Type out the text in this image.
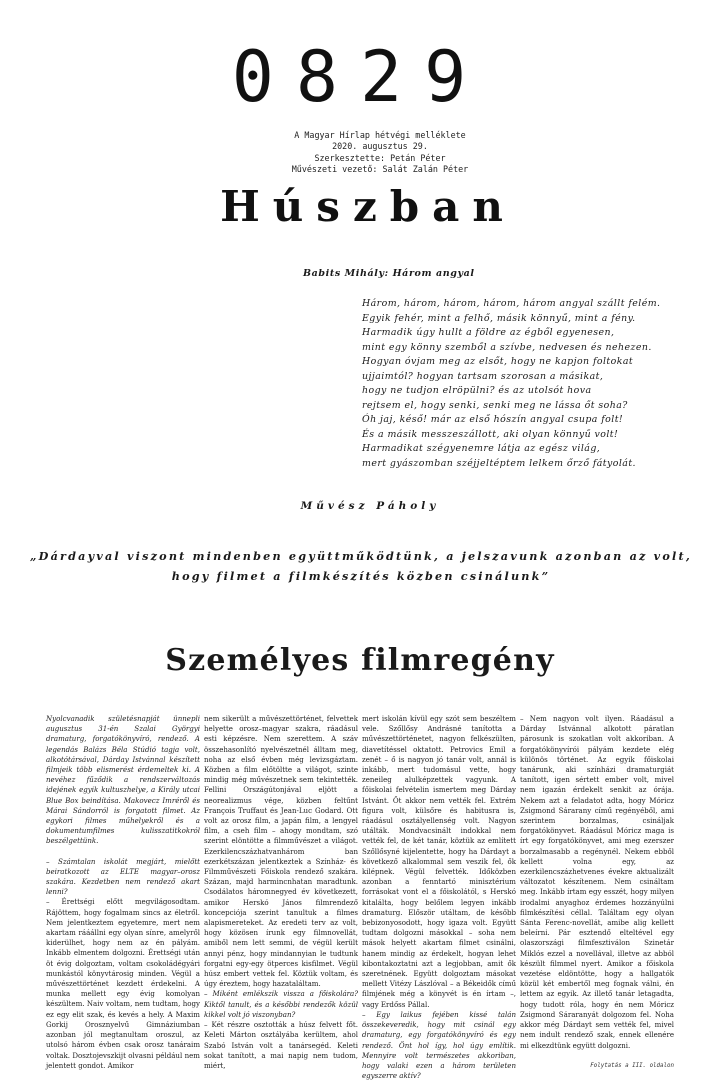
0829
A Magyar Hírlap hétvégi melléklete
2020. augusztus 29.
Szerkesztette: Petán Péter
Művészeti vezető: Salát Zalán Péter
Húszban
Babits Mihály: Három angyal
Három, három, három, három, három angyal szállt felém.
Egyik fehér, mint a felhő, másik könnyű, mint a fény.
Harmadik úgy hullt a földre az égből egyenesen,
mint egy könny szemből a szívbe, nedvesen és nehezen.
Hogyan óvjam meg az elsőt, hogy ne kapjon foltokat
ujjaimtól? hogyan tartsam szorosan a másikat,
hogy ne tudjon elröpülni? és az utolsót hova
rejtsem el, hogy senki, senki meg ne lássa őt soha?
Óh jaj, késő! már az első hószín angyal csupa folt!
És a másik messzeszállott, aki olyan könnyű volt!
Harmadikat szégyenemre látja az egész világ,
mert gyászomban széjjeltéptem lelkem őrző fátyolát.
Művész Páholy
„Dárdayval viszont mindenben együttműködtünk, a jelszavunk azonban az volt, hogy filmet a filmkészítés közben csinálunk”
Személyes filmregény

Nyolcvanadik születésnapját ünnepli augusztus 31-én Szalai Györgyi dramaturg, forgatókönyvíró, rendező. A legendás Balázs Béla Stúdió tagja volt, alkotótársával, Dárday Istvánnal készített filmjeik több elismerést érdemeltek ki. A nevéhez fűződik a rendszerváltozás idejének egyik kultuszhelye, a Király utcai Blue Box beindítása. Makovecz Imréről és Márai Sándorról is forgatott filmet. Az egykori filmes műhelyekről és a dokumentumfilmes kulisszatitkokról beszélgettünk.

– Számtalan iskolát megjárt, mielőtt beiratkozott az ELTE magyar–orosz szakára. Kezdetben nem rendező akart lenni?

– Érettségi előtt megvilágosodtam. Rájöttem, hogy fogalmam sincs az életről. Nem jelentkeztem egyetemre, mert nem akartam rááállni egy olyan sínre, amelyről kiderülhet, hogy nem az én pályám. Inkább elmentem dolgozni. Érettségi után öt évig dolgoztam, voltam csokoládégyári munkástól könyvtárosig minden. Végül a művészettörténet kezdett érdekelni. A munka mellett egy évig komolyan készültem. Naiv voltam, nem tudtam, hogy ez egy elit szak, és kevés a hely. A Maxim Gorkij Orosznyelvű Gimnáziumban azonban jól megtanultam oroszul, az utolsó három évben csak orosz tanáraim voltak. Dosztojevszkijt olvasni például nem jelentett gondot. Amikor

nem sikerült a művészettörténet, felvettek helyette orosz–magyar szakra, ráadásul esti képzésre. Nem szerettem. A száv összehasonlító nyelvészetnél álltam meg, noha az első évben még levizsgáztam. Közben a film előtöltte a világot, szinte mindig még művészetnek sem tekintették. Fellini Országútonjával eljött a neorealizmus vége, közben feltűnt François Truffaut és Jean-Luc Godard. Ott volt az orosz film, a japán film, a lengyel film, a cseh film – ahogy mondtam, szó szerint elöntötte a filmművészet a világot. Ezerkilencszázhatvanhárom ban ezerkétszázan jelentkeztek a Színház- és Filmművészeti Főiskola rendező szakára. Százan, majd harmincnhatan maradtunk. Csodálatos háromnegyed év következett, amikor Herskó János filmrendező koncepciója szerint tanultuk a filmes alapismereteket. Az eredeti terv az volt, hogy közösen írunk egy filmnovellát, amiből nem lett semmi, de végül került annyi pénz, hogy mindannyian le tudtunk forgatni egy-egy ötperces kisfilmet. Végül húsz embert vettek fel. Köztük voltam, és úgy éreztem, hogy hazataláltam.

– Miként emlékszik vissza a főiskolára? Kiktől tanult, és a későbbi rendezők közül kikkel volt jó viszonyban?

– Két részre osztották a húsz felvett főt. Keleti Márton osztályába kerültem, ahol Szabó István volt a tanársegéd. Keleti sokat tanított, a mai napig nem tudom, miért,

mert iskolán kívül egy szót sem beszéltem vele. Szőllősy Andrásné tanította a művészettörténetet, nagyon felkészülten, diavetítéssel oktatott. Petrovics Emil a zenét – ő is nagyon jó tanár volt, annál is inkább, mert tudomásul vette, hogy zeneileg alulképzettek vagyunk. A főiskolai felvételin ismertem meg Dárday Istvánt. Őt akkor nem vették fel. Extrém figura volt, külsőre és habitusra is, ráadásul osztályellenség volt. Nagyon utálták. Mondvacsinált indokkal nem vették fel, de két tanár, köztük az említett Szőllősyné kijelentette, hogy ha Dárdayt a következő alkalommal sem veszik fel, ők kilépnek. Végül felvették. Időközben azonban a fenntartó minisztérium forrásokat vont el a főiskolától, s Herskó kitalálta, hogy belőlem legyen inkább dramaturg. Először utáltam, de később bebizonyosodott, hogy igaza volt. Együtt tudtam dolgozni másokkal – soha nem mások helyett akartam filmet csinálni, hanem mindig az érdekelt, hogyan lehet kibontakoztatni azt a legjobban, amit ők szeretnének. Együtt dolgoztam másokat mellett Vitézy Lászlóval – a Békeidők című filmjének még a könyvét is én írtam –, vagy Erdőss Pállal.

– Egy laikus fejében kissé talán összekeveredik, hogy mit csinál egy dramaturg, egy forgatókönyvíró és egy rendező. Önt hol így, hol úgy említik. Mennyire volt természetes akkoriban, hogy valaki ezen a három területen egyszerre aktív?

– Nem nagyon volt ilyen. Ráadásul a Dárday Istvánnal alkotott páratlan párosunk is szokatlan volt akkoriban. A forgatókönyvírói pályám kezdete elég különös történet. Az egyik főiskolai tanárunk, aki színházi dramaturgiát tanított, igen sértett ember volt, mivel nem igazán érdekelt senkit az órája. Nekem azt a feladatot adta, hogy Móricz Zsigmond Sárarany című regényéből, ami szerintem borzalmas, csináljak forgatókönyvet. Ráadásul Móricz maga is írt egy forgatókönyvet, ami meg ezerszer borzalmasabb a regénynél. Nekem ebből kellett volna egy, az ezerkilencszázhetvenes évekre aktualizált változatot készítenem. Nem csináltam meg. Inkább írtam egy esszét, hogy milyen irodalmi anyaghoz érdemes hozzányúlni filmkészítési céllal. Találtam egy olyan Sánta Ferenc-novellát, amibe alig kellett beleírni. Pár esztendő elteltével egy olaszországi filmfesztiválon Szinetár Miklós ezzel a novellával, illetve az abból készült filmmel nyert. Amikor a főiskola vezetése eldöntötte, hogy a hallgatók közül két embertől meg fognak válni, én lettem az egyik. Az illető tanár letagadta, hogy tudott róla, hogy én nem Móricz Zsigmond Sáraranyát dolgozom fel. Noha akkor még Dárdayt sem vették fel, mivel nem indult rendező szak, ennek ellenére mi elkezdtünk együtt dolgozni.

Folytatás a III. oldalon
